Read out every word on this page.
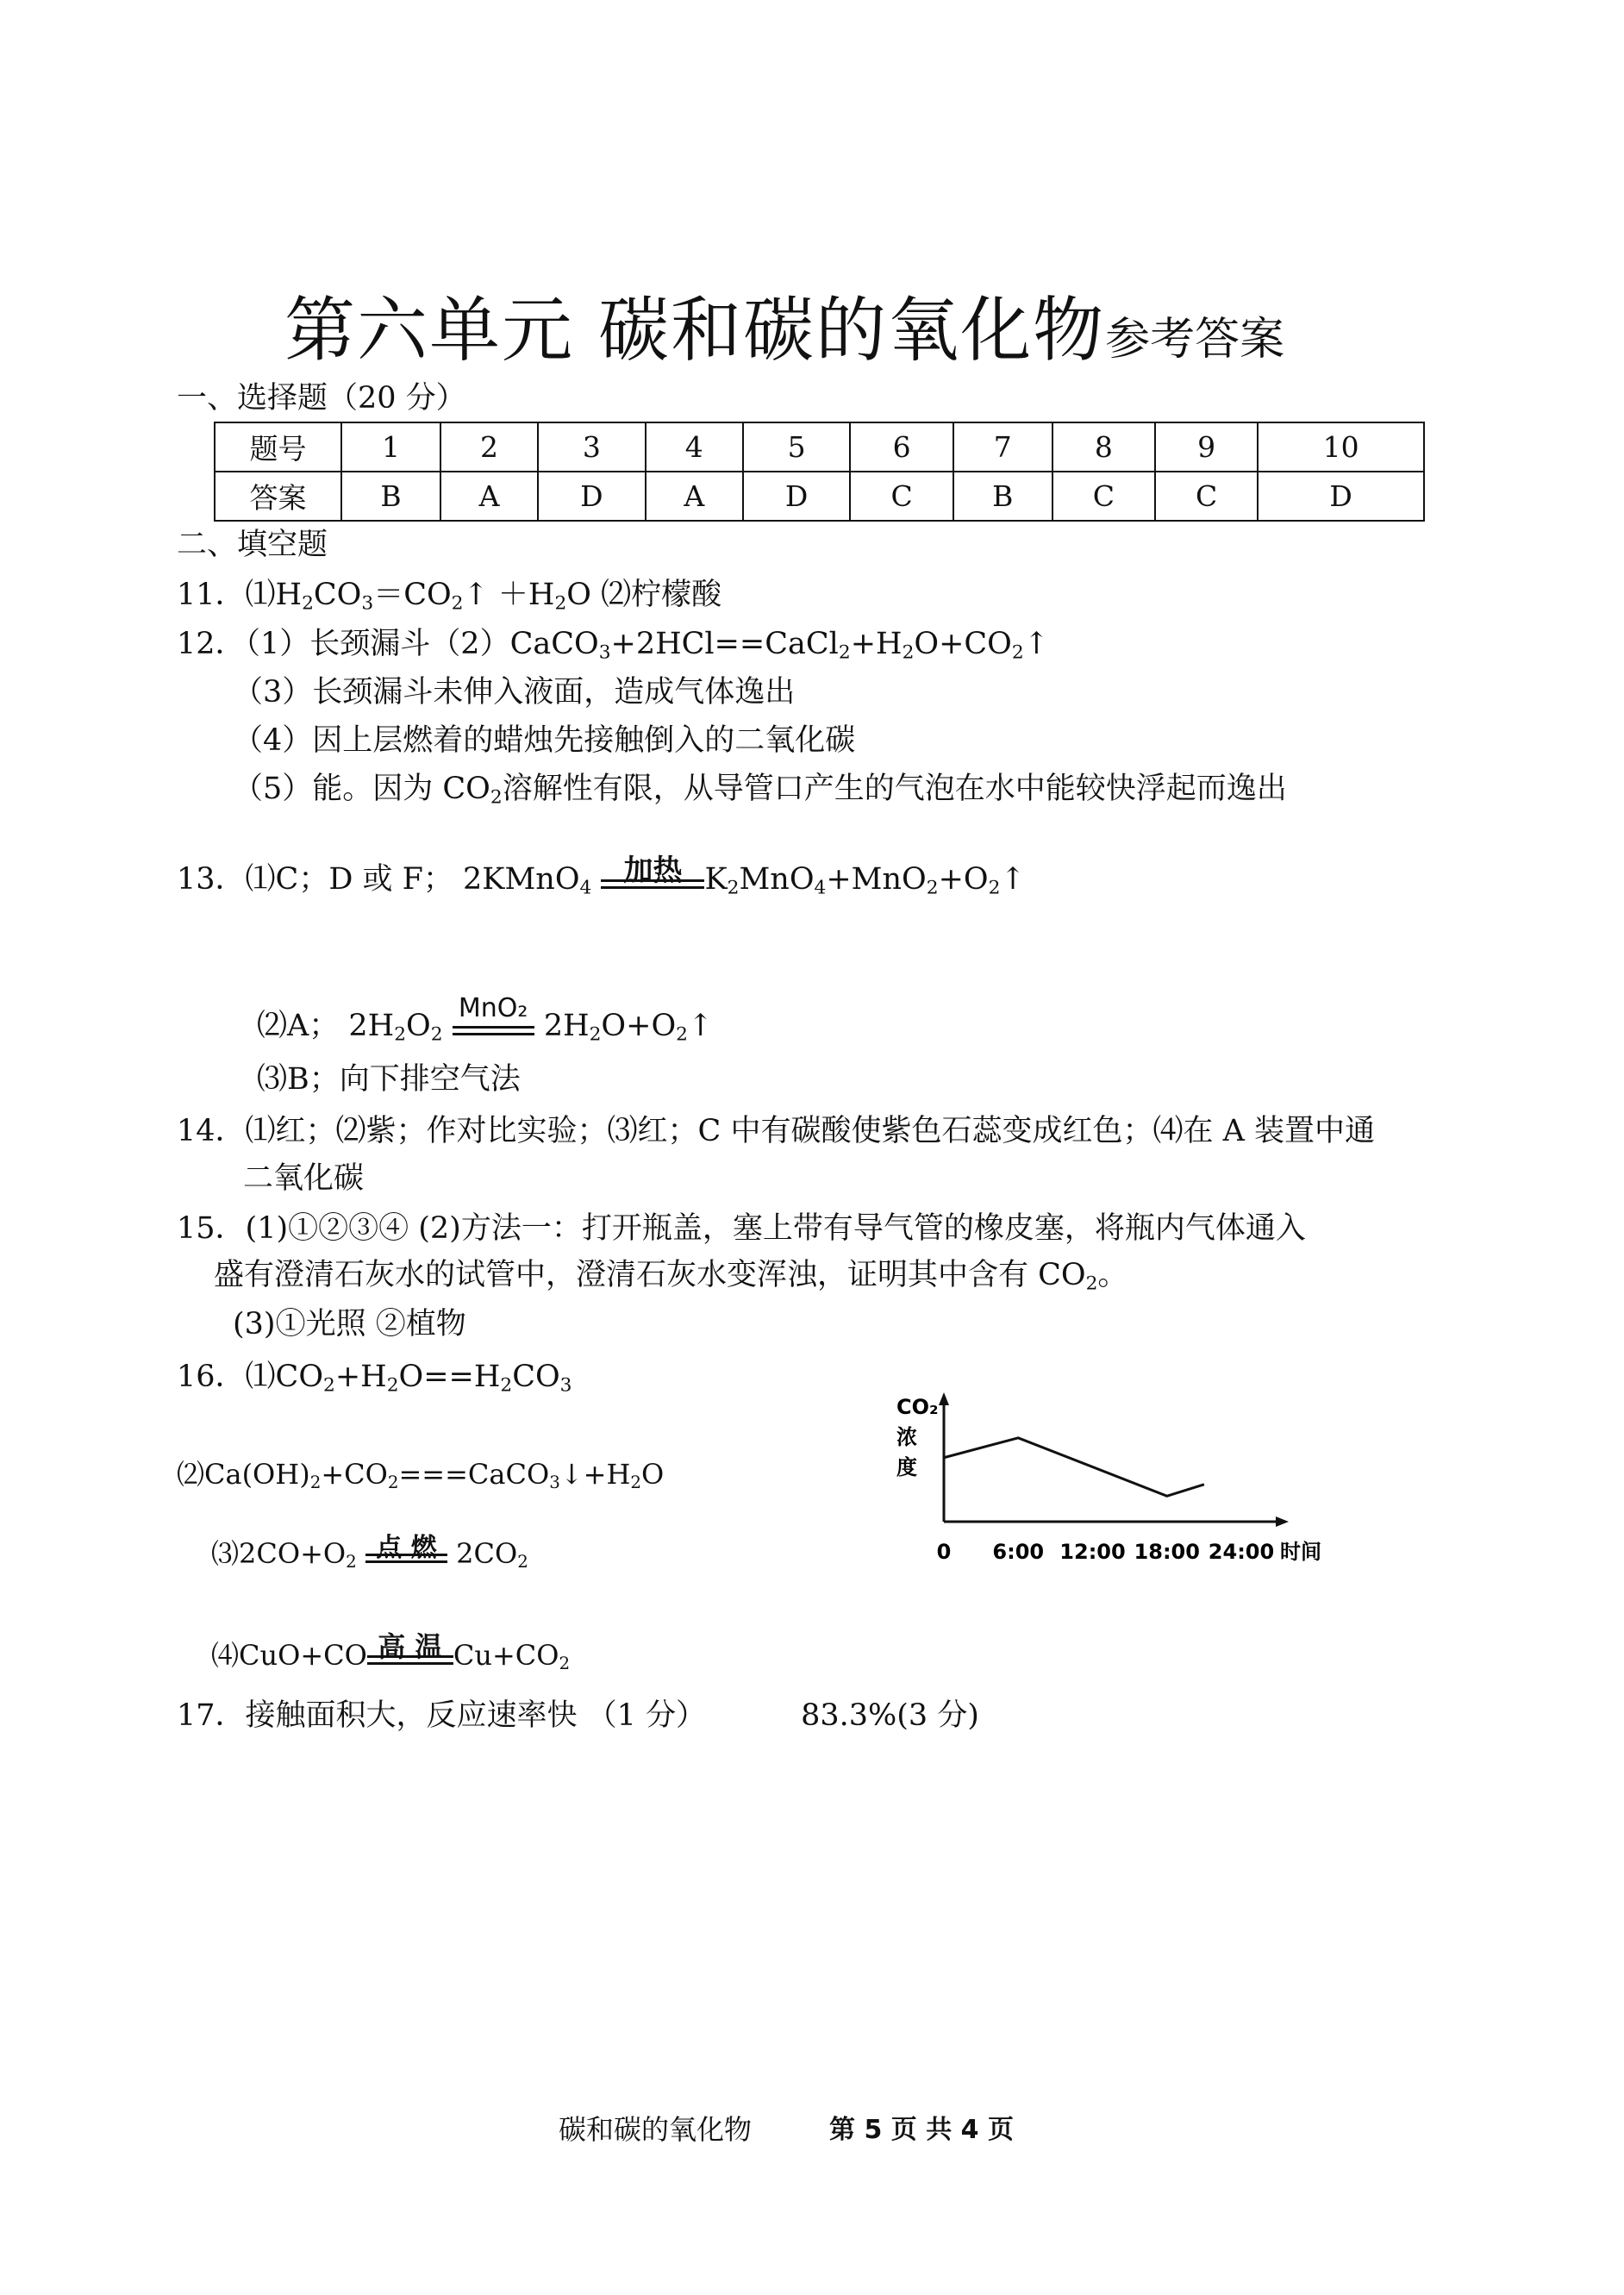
第六单元 碳和碳的氧化物参考答案
一、选择题（20 分）
题号	1	2	3	4	5	6	7	8	9	10
答案	B	A	D	A	D	C	B	C	C	D
二、填空题
11．$⑴H_2CO_3=CO_2↑ +H_2O$ ⑵柠檬酸
12．（1）长颈漏斗$(2)CaCO_3+2HCl==CaCl_2+H_2O+CO_2↑$
（3）长颈漏斗未伸入液面，造成气体逸出
（4）因上层燃着的蜡烛先接触倒入的二氧化碳
（5）能。因为 $CO_2$溶解性有限，从导管口产生的气泡在水中能较快浮起而逸出
13．⑴C；D 或 F； 2KMnO$_4$	加热 $K_2MnO_4+MnO_2+O_2↑$
⑵A； $2H_2O_2$
MnO₂
$2H_2O+O_2↑$
⑶B；向下排空气法
14．⑴红；⑵紫；作对比实验；⑶红；C 中有碳酸使紫色石蕊变成红色；⑷在 A 装置中通
二氧化碳
15．(1)①②③④ (2)方法一：打开瓶盖，塞上带有导气管的橡皮塞，将瓶内气体通入
盛有澄清石灰水的试管中，澄清石灰水变浑浊，证明其中含有 $CO_2$。
(3)①光照 ②植物
16．$⑴CO_2+H_2O==H_2CO_3$
$⑵Ca(OH)_2+CO_2===CaCO_3↓+H_2O$
$⑶2CO+O_2$ 点 燃 $2CO_2$
⑷CuO+CO 高 温 $Cu+CO_2$
CO₂
浓
度
0 6:00 12:00 18:00 24:00 时间
17．接触面积大，反应速率快 （1 分）	83.3%(3 分)
碳和碳的氧化物	第 5 页 共 4 页
